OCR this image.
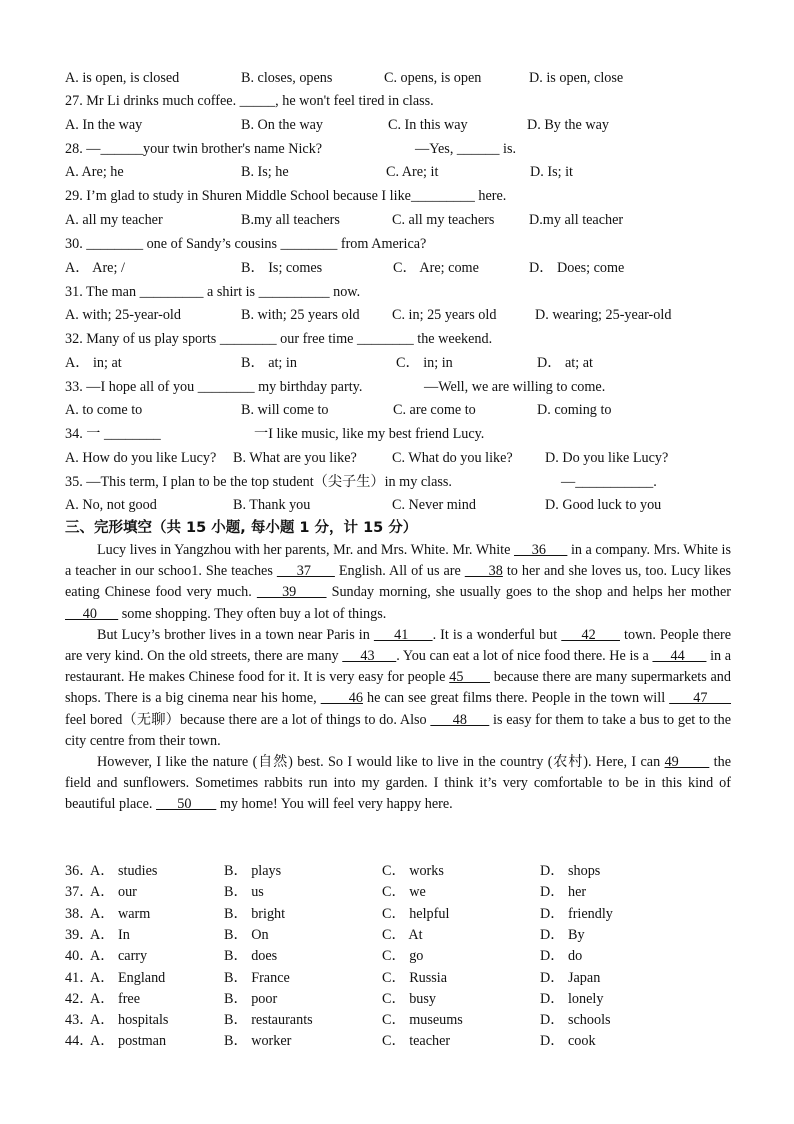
A. is open, is closed	B. closes, opens	C. opens, is open	D. is open, close
27. Mr Li drinks much coffee. _____, he won't feel tired in class.
A. In the way	B. On the way	C. In this way	D. By the way
28. —______your twin brother's name Nick?	—Yes, ______ is.
A. Are; he	B. Is; he	C. Are; it	D. Is; it
29. I’m glad to study in Shuren Middle School because I like_________ here.
A. all my teacher	B.my all teachers	C. all my teachers D.my all teacher
30. ________ one of Sandy’s cousins ________ from America?
A． Are; /	B． Is; comes	C． Are; come	D． Does; come
31. The man _________ a shirt is __________ now.
A. with; 25-year-old	B. with; 25 years old C. in; 25 years old	D. wearing; 25-year-old
32. Many of us play sports ________ our free time ________ the weekend.
A． in; at	B． at; in	C． in; in	D． at; at
33. —I hope all of you ________ my birthday party.	—Well, we are willing to come.
A. to come to	B. will come to	C. are come to	D. coming to
34. 一 ________	一I like music, like my best friend Lucy.
A. How do you like Lucy? B. What are you like? C. What do you like? D. Do you like Lucy?
35. —This term, I plan to be the top student（尖子生）in my class.	—___________.
A. No, not good	B. Thank you	C. Never mind	D. Good luck to you
三、完形填空（共 15 小题, 每小题 1 分，计 15 分）

Lucy lives in Yangzhou with her parents, Mr. and Mrs. White. Mr. White      36       in a company. Mrs. White is a teacher in our schoo1. She teaches      37       English. All of us are       38 to her and she loves us, too. Lucy likes eating Chinese food very much.      39       Sunday morning, she usually goes to the shop and helps her mother      40       some shopping. They often buy a lot of things.

But Lucy’s brother lives in a town near Paris in      41      . It is a wonderful but      42       town. People there are very kind. On the old streets, there are many      43      . You can eat a lot of nice food there. He is a      44       in a restaurant. He makes Chinese food for it. It is very easy for people 45        because there are many supermarkets and shops. There is a big cinema near his home,        46 he can see great films there. People in the town will       47       feel bored（无聊）because there are a lot of things to do. Also       48       is easy for them to take a bus to get to the city centre from their town.

However, I like the nature (自然) best. So I would like to live in the country (农村). Here, I can 49        the field and sunflowers. Sometimes rabbits run into my garden. I think it’s very comfortable to be in this kind of beautiful place.       50        my home! You will feel very happy here.

36．
A． studies	B． plays	C． works	D． shops
37．
A． our	B． us	C． we	D． her
38．
A． warm	B． bright	C． helpful	D． friendly
39．
A． In	B． On	C． At	D． By
40．
A． carry	B． does	C． go	D． do
41．
A． England	B． France	C． Russia	D． Japan
42．
A． free	B． poor	C． busy	D． lonely
43．
A． hospitals	B． restaurants	C． museums	D． schools
44．
A． postman	B． worker	C． teacher	D． cook
